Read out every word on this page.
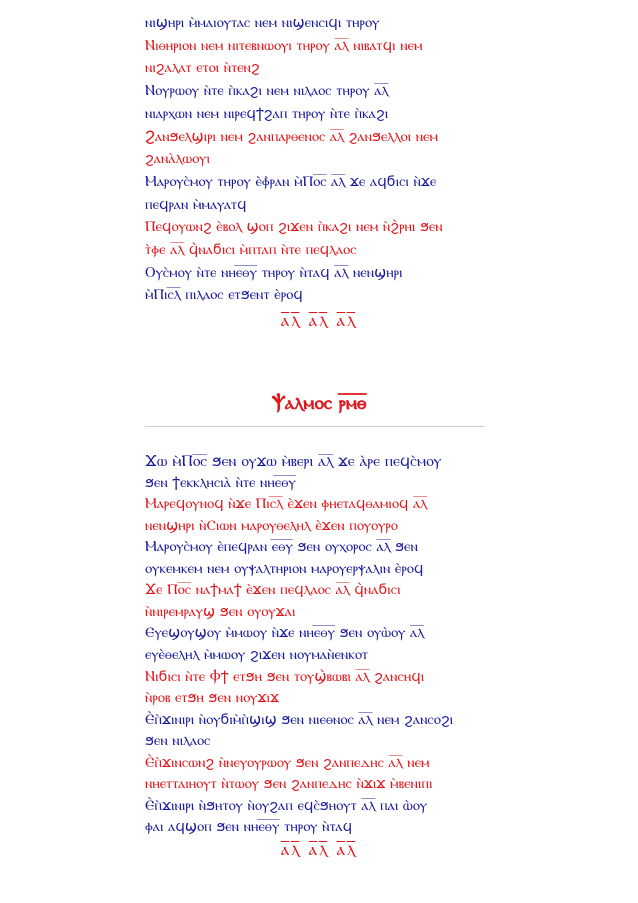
ⲛⲓϣⲏⲣⲓ ⲙ̀ⲙⲁⲓⲟⲩⲧⲁⲥ ⲛⲉⲙ ⲛⲓϣⲉⲛⲥⲓϥⲓ ⲧⲏⲣⲟⲩ
Ⲛⲓⲑⲏⲣⲓⲟⲛ ⲛⲉⲙ ⲛⲓⲧⲉⲃⲛⲱⲟⲩⲓ ⲧⲏⲣⲟⲩ ⲁ̅ⲗ̅ ⲛⲓⲃⲁⲧϥⲓ ⲛⲉⲙ
ⲛⲓϩⲁⲗⲁⲧ ⲉⲧⲟⲓ ⲛ̀ⲧⲉⲛϩ
Ⲛⲟⲩⲣⲱⲟⲩ ⲛ̀ⲧⲉ ⲡ̀ⲕⲁϩⲓ ⲛⲉⲙ ⲛⲓⲗⲁⲟⲥ ⲧⲏⲣⲟⲩ ⲁ̅ⲗ̅
ⲛⲓⲁⲣⲭⲱⲛ ⲛⲉⲙ ⲛⲓⲣⲉϥϯϩⲁⲡ ⲧⲏⲣⲟⲩ ⲛ̀ⲧⲉ ⲡ̀ⲕⲁϩⲓ
Ϩⲁⲛϧⲉⲗϣⲓⲣⲓ ⲛⲉⲙ ϩⲁⲛⲡⲁⲣⲑⲉⲛⲟⲥ ⲁ̅ⲗ̅ ϩⲁⲛϧⲉⲗⲗⲟⲓ ⲛⲉⲙ
ϩⲁⲛⲁ̀ⲗⲱⲟⲩⲓ
Ⲙⲁⲣⲟⲩⲥ̀ⲙⲟⲩ ⲧⲏⲣⲟⲩ ⲉ̀ⲫ̀ⲣⲁⲛ ⲙ̀Ⲡⲟ̅ⲥ̅ ⲁ̅ⲗ̅ ϫⲉ ⲁϥϭⲓⲥⲓ ⲛ̀ϫⲉ
ⲡⲉϥⲣⲁⲛ ⲙ̀ⲙⲁⲩⲁⲧϥ
Ⲡⲉϥⲟⲩⲱⲛϩ ⲉ̀ⲃⲟⲗ ϣⲟⲡ ϩⲓϫⲉⲛ ⲡ̀ⲕⲁϩⲓ ⲛⲉⲙ ⲛ̀ϩ̀ⲣⲏⲓ ϧⲉⲛ
ⲧ̀ⲫⲉ ⲁ̅ⲗ̅ ϥ̀ⲛⲁϭⲓⲥⲓ ⲙ̀ⲡⲧⲁⲡ ⲛ̀ⲧⲉ ⲡⲉϥⲗⲁⲟⲥ
Ⲟⲩⲥ̀ⲙⲟⲩ ⲛ̀ⲧⲉ ⲛⲏⲉ̅ⲑ̅ⲩ̅ ⲧⲏⲣⲟⲩ ⲛ̀ⲧⲁϥ ⲁ̅ⲗ̅ ⲛⲉⲛϣⲏⲣⲓ
ⲙ̀Ⲡⲓⲥ̅ⲗ̅ ⲡⲓⲗⲁⲟⲥ ⲉⲧϧⲉⲛⲧ ⲉ̀ⲣⲟϥ
ⲁ̅ⲗ̅ ⲁ̅ⲗ̅ ⲁ̅ⲗ̅
Ⲯⲁⲗⲙⲟⲥ ⲣ̅ⲙ̅ⲑ̅
Ϫⲱ ⲙ̀Ⲡⲟ̅ⲥ̅ ϧⲉⲛ ⲟⲩϫⲱ ⲙ̀ⲃⲉⲣⲓ ⲁ̅ⲗ̅ ϫⲉ ⲁ̀ⲣⲉ ⲡⲉϥⲥ̀ⲙⲟⲩ
ϧⲉⲛ ϯⲉⲕⲕⲗⲏⲥⲓⲁ̀ ⲛ̀ⲧⲉ ⲛⲏⲉ̅ⲑ̅ⲩ̅
Ⲙⲁⲣⲉϥⲟⲩⲛⲟϥ ⲛ̀ϫⲉ Ⲡⲓⲥ̅ⲗ̅ ⲉ̀ϫⲉⲛ ⲫⲏⲉⲧⲁϥⲑⲁⲙⲓⲟϥ ⲁ̅ⲗ̅
ⲛⲉⲛϣⲏⲣⲓ ⲛ̀Ⲥⲓⲱⲛ ⲙⲁⲣⲟⲩⲑⲉⲗⲏⲗ ⲉ̀ϫⲉⲛ ⲡⲟⲩⲟⲩⲣⲟ
Ⲙⲁⲣⲟⲩⲥ̀ⲙⲟⲩ ⲉ̀ⲡⲉϥⲣⲁⲛ ⲉ̅ⲑ̅ⲩ̅ ϧⲉⲛ ⲟⲩⲭⲟⲣⲟⲥ ⲁ̅ⲗ̅ ϧⲉⲛ
ⲟⲩⲕⲉⲙⲕⲉⲙ ⲛⲉⲙ ⲟⲩⲯⲁⲗⲧⲏⲣⲓⲟⲛ ⲙⲁⲣⲟⲩⲉⲣⲯⲁⲗⲓⲛ ⲉ̀ⲣⲟϥ
Ϫⲉ Ⲡⲟ̅ⲥ̅ ⲛⲁϯⲙⲁϯ ⲉ̀ϫⲉⲛ ⲡⲉϥⲗⲁⲟⲥ ⲁ̅ⲗ̅ ϥ̀ⲛⲁϭⲓⲥⲓ
ⲛ̀ⲛⲓⲣⲉⲙⲣⲁⲩϣ ϧⲉⲛ ⲟⲩⲟⲩϫⲁⲓ
Ⲉⲩⲉϣⲟⲩϣⲟⲩ ⲙ̀ⲙⲱⲟⲩ ⲛ̀ϫⲉ ⲛⲏⲉ̅ⲑ̅ⲩ̅ ϧⲉⲛ ⲟⲩⲱ̀ⲟⲩ ⲁ̅ⲗ̅
ⲉⲩⲉ̀ⲑⲉⲗⲏⲗ ⲙ̀ⲙⲱⲟⲩ ϩⲓϫⲉⲛ ⲛⲟⲩⲙⲁⲛ̀ⲉⲛⲕⲟⲧ
Ⲛⲓϭⲓⲥⲓ ⲛ̀ⲧⲉ Ⲫϯ ⲉⲧϧⲏ ϧⲉⲛ ⲧⲟⲩϣ̀ⲃⲱⲃⲓ ⲁ̅ⲗ̅ ϩⲁⲛⲥⲏϥⲓ
ⲛ̀ⲣⲟⲃ ⲉⲧϧⲏ ϧⲉⲛ ⲛⲟⲩϫⲓϫ
Ⲉ̀ⲡ̀ϫⲓⲛⲓⲣⲓ ⲛ̀ⲟⲩϭⲓⲙ̀ⲡ̀ϣⲓϣ ϧⲉⲛ ⲛⲓⲉⲑⲛⲟⲥ ⲁ̅ⲗ̅ ⲛⲉⲙ ϩⲁⲛⲥⲟϩⲓ
ϧⲉⲛ ⲛⲓⲗⲁⲟⲥ
Ⲉ̀ⲡ̀ϫⲓⲛⲥⲱⲛϩ ⲛ̀ⲛⲉⲩⲟⲩⲣⲱⲟⲩ ϧⲉⲛ ϩⲁⲛⲡⲉⲇⲏⲥ ⲁ̅ⲗ̅ ⲛⲉⲙ
ⲛⲏⲉⲧⲧⲁⲓⲏⲟⲩⲧ ⲛ̀ⲧⲱⲟⲩ ϧⲉⲛ ϩⲁⲛⲡⲉⲇⲏⲥ ⲛ̀ϫⲓϫ ⲙ̀ⲃⲉⲛⲓⲡⲓ
Ⲉ̀ⲡ̀ϫⲓⲛⲓⲣⲓ ⲛ̀ϧⲏⲧⲟⲩ ⲛ̀ⲟⲩϩⲁⲡ ⲉϥⲥ̀ϧⲏⲟⲩⲧ ⲁ̅ⲗ̅ ⲡⲁⲓ ⲱ̀ⲟⲩ
ⲫⲁⲓ ⲁϥϣⲟⲡ ϧⲉⲛ ⲛⲏⲉ̅ⲑ̅ⲩ̅ ⲧⲏⲣⲟⲩ ⲛ̀ⲧⲁϥ
ⲁ̅ⲗ̅ ⲁ̅ⲗ̅ ⲁ̅ⲗ̅
